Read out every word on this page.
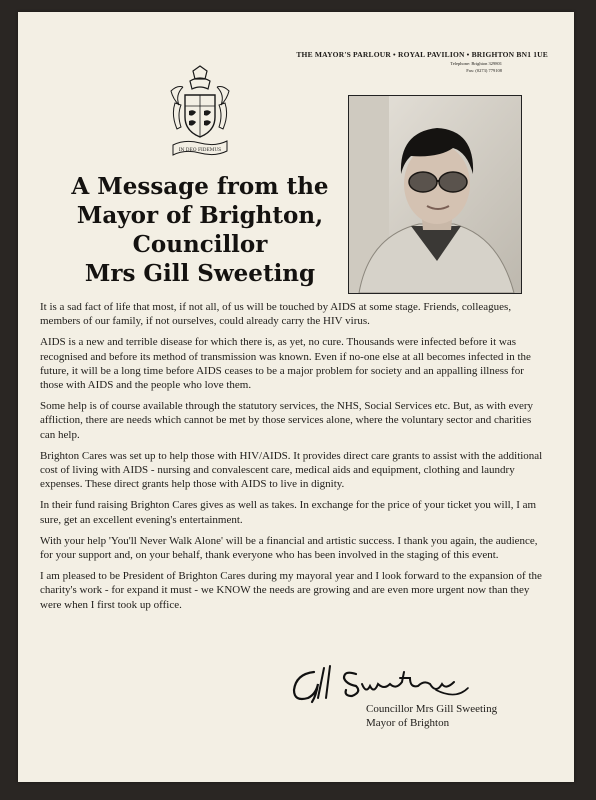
THE MAYOR'S PARLOUR • ROYAL PAVILION • BRIGHTON BN1 1UE
Telephone: Brighton 329801
Fax: (0273) 779108
IN DEO FIDEMUS
A Message from the
Mayor of Brighton,
Councillor
Mrs Gill Sweeting

It is a sad fact of life that most, if not all, of us will be touched by AIDS at some stage. Friends, colleagues, members of our family, if not ourselves, could already carry the HIV virus.

AIDS is a new and terrible disease for which there is, as yet, no cure. Thousands were infected before it was recognised and before its method of transmission was known. Even if no-one else at all becomes infected in the future, it will be a long time before AIDS ceases to be a major problem for society and an appalling illness for those with AIDS and the people who love them.

Some help is of course available through the statutory services, the NHS, Social Services etc. But, as with every affliction, there are needs which cannot be met by those services alone, where the voluntary sector and charities can help.

Brighton Cares was set up to help those with HIV/AIDS. It provides direct care grants to assist with the additional cost of living with AIDS - nursing and convalescent care, medical aids and equipment, clothing and laundry expenses. These direct grants help those with AIDS to live in dignity.

In their fund raising Brighton Cares gives as well as takes. In exchange for the price of your ticket you will, I am sure, get an excellent evening's entertainment.

With your help 'You'll Never Walk Alone' will be a financial and artistic success. I thank you again, the audience, for your support and, on your behalf, thank everyone who has been involved in the staging of this event.

I am pleased to be President of Brighton Cares during my mayoral year and I look forward to the expansion of the charity's work - for expand it must - we KNOW the needs are growing and are even more urgent now than they were when I first took up office.

Councillor Mrs Gill Sweeting
Mayor of Brighton
